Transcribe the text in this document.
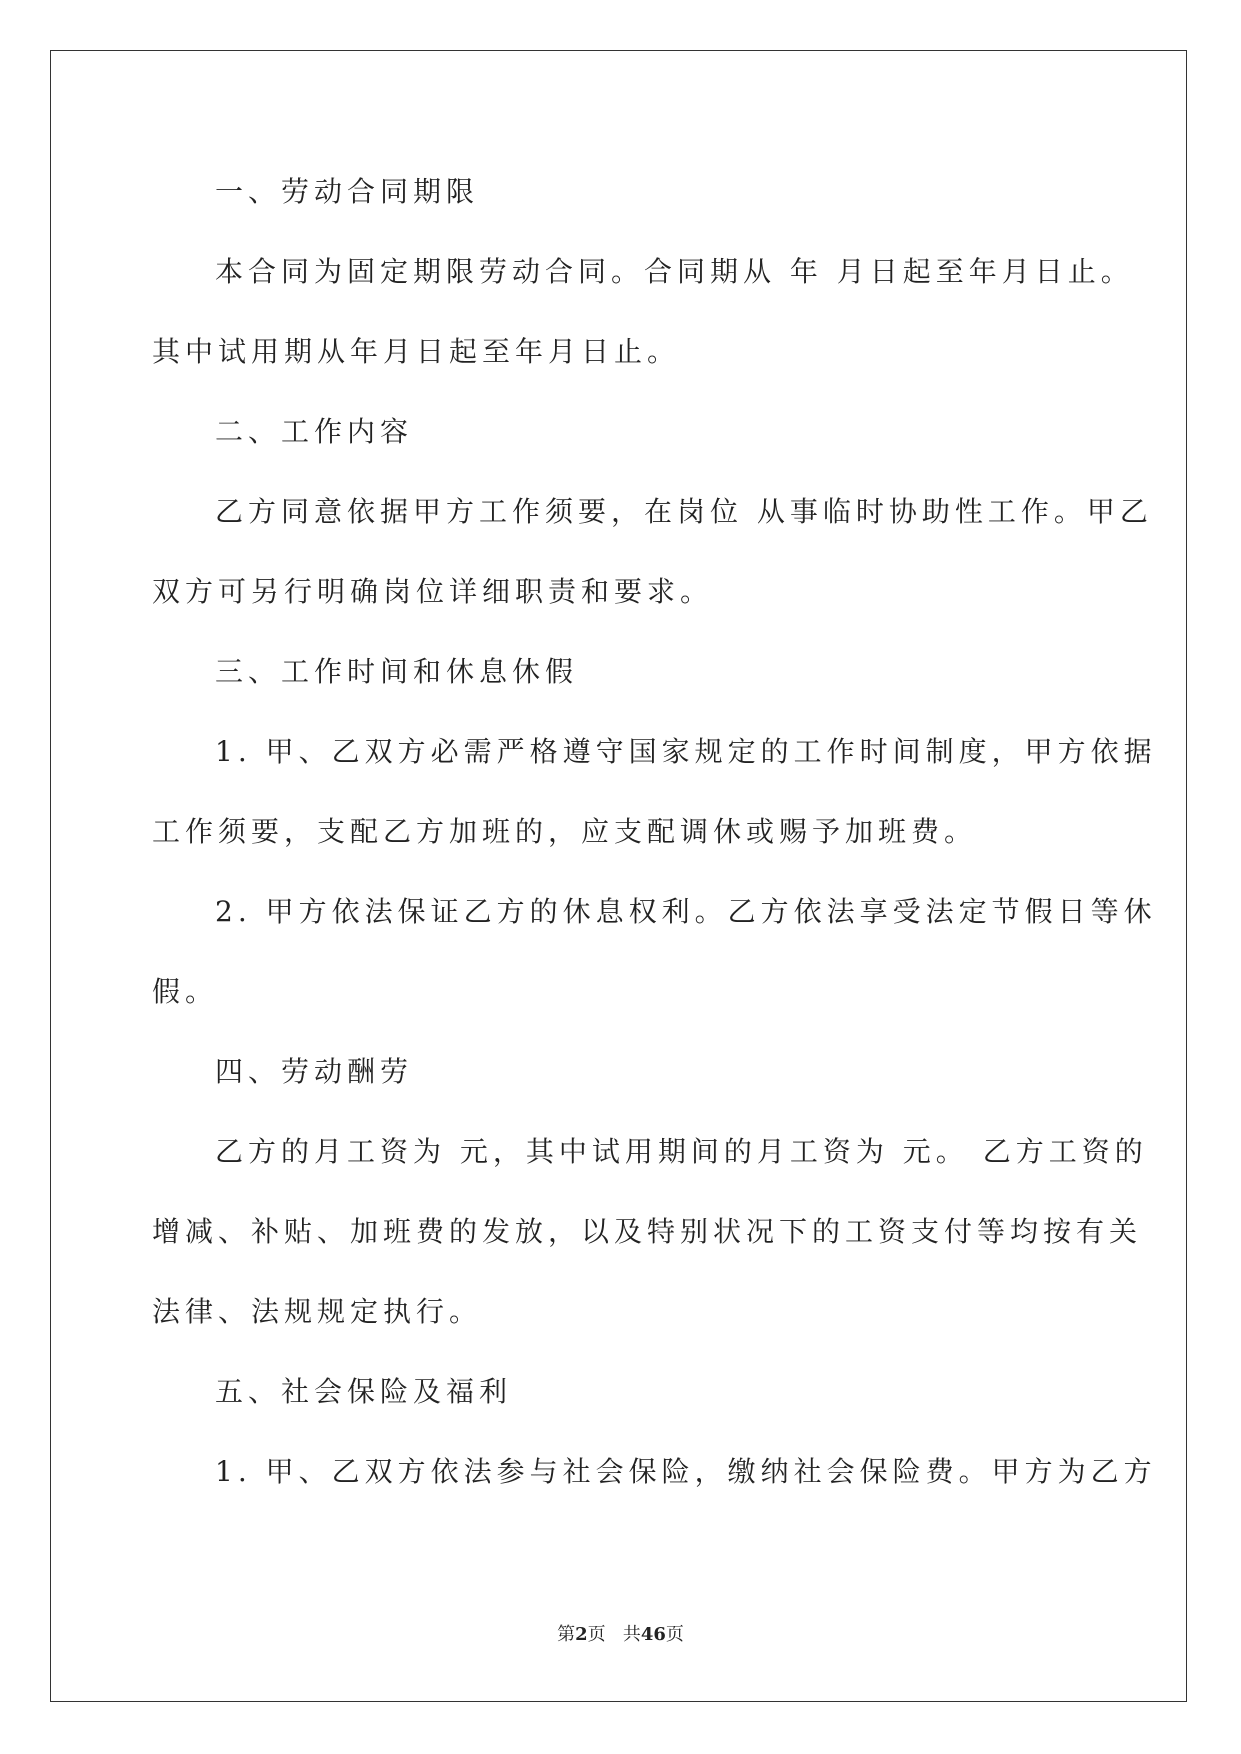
一、劳动合同期限

本合同为固定期限劳动合同。合同期从 年 月日起至年月日止。

其中试用期从年月日起至年月日止。

二、工作内容

乙方同意依据甲方工作须要，在岗位 从事临时协助性工作。甲乙

双方可另行明确岗位详细职责和要求。

三、工作时间和休息休假

1. 甲、乙双方必需严格遵守国家规定的工作时间制度，甲方依据

工作须要，支配乙方加班的，应支配调休或赐予加班费。

2. 甲方依法保证乙方的休息权利。乙方依法享受法定节假日等休

假。

四、劳动酬劳

乙方的月工资为 元，其中试用期间的月工资为 元。 乙方工资的

增减、补贴、加班费的发放，以及特别状况下的工资支付等均按有关

法律、法规规定执行。

五、社会保险及福利

1. 甲、乙双方依法参与社会保险，缴纳社会保险费。甲方为乙方

第2页 共46页
